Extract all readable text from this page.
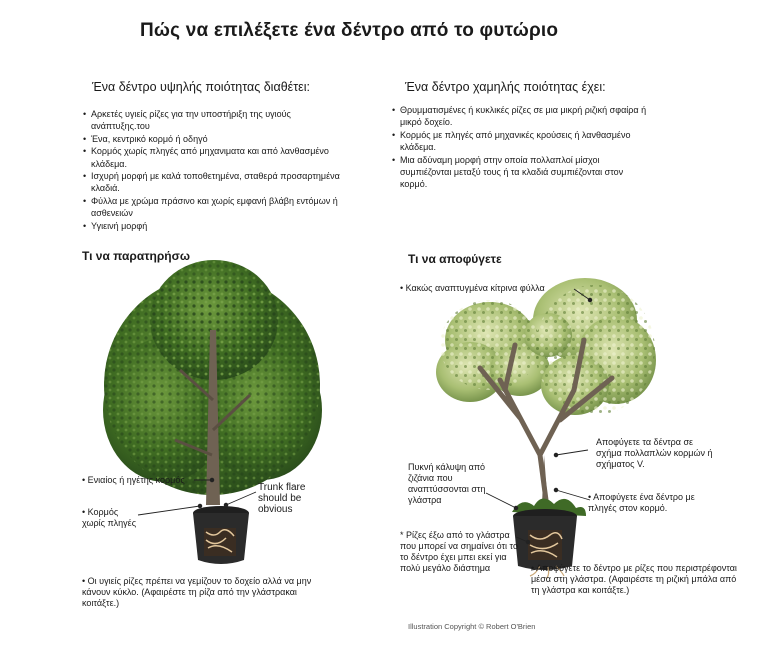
Πώς να επιλέξετε ένα δέντρο από το φυτώριο
Ένα δέντρο υψηλής ποιότητας διαθέτει:
• Αρκετές υγιείς ρίζες για την υποστήριξη της υγιούς ανάπτυξης.του
• Ένα, κεντρικό κορμό ή οδηγό
• Κορμός χωρίς πληγές από μηχανιματα και από λανθασμένο κλάδεμα.
• Ισχυρή μορφή με καλά τοποθετημένα, σταθερά προσαρτημένα κλαδιά.
• Φύλλα με χρώμα πράσινο και χωρίς εμφανή βλάβη εντόμων ή ασθενειών
• Υγιεινή μορφή
Ένα δέντρο χαμηλής ποιότητας έχει:
• Θρυμματισμένες ή κυκλικές ρίζες σε μια μικρή ριζική σφαίρα ή μικρό δοχείο.
• Κορμός με πληγές από μηχανικές κρούσεις ή λανθασμένο κλάδεμα.
• Μια αδύναμη μορφή στην οποία πολλαπλοί μίσχοι συμπιέζονται μεταξύ τους ή τα κλαδιά συμπιέζονται στον κορμό.
Τι να παρατηρήσω	Τι να αποφύγετε
• Ενιαίος ή ηγέτης κορμός
Trunk flare should be obvious
• Κορμός χωρίς πληγές
• Οι υγιείς ρίζες πρέπει να γεμίζουν το δοχείο αλλά να μην κάνουν κύκλο. (Αφαιρέστε τη ρίζα από την γλάστρακαι κοιτάξτε.)
• Κακώς αναπτυγμένα κίτρινα φύλλα
Αποφύγετε τα δέντρα σε σχήμα πολλαπλών κορμών ή σχήματος V.
Πυκνή κάλυψη από ζιζάνια που αναπτύσσονται στη γλάστρα	• Αποφύγετε ένα δέντρο με πληγές στον κορμό.
* Ρίζες έξω από το γλάστρα που μπορεί να σημαίνει ότι το το δέντρο έχει μπει εκεί για πολύ μεγάλο διάστημα	• Αποφύγετε το δέντρο με ρίζες που περιστρέφονται μέσα στη γλάστρα. (Αφαιρέστε τη ριζική μπάλα από τη γλάστρα και κοιτάξτε.)
Illustration Copyright © Robert O'Brien
